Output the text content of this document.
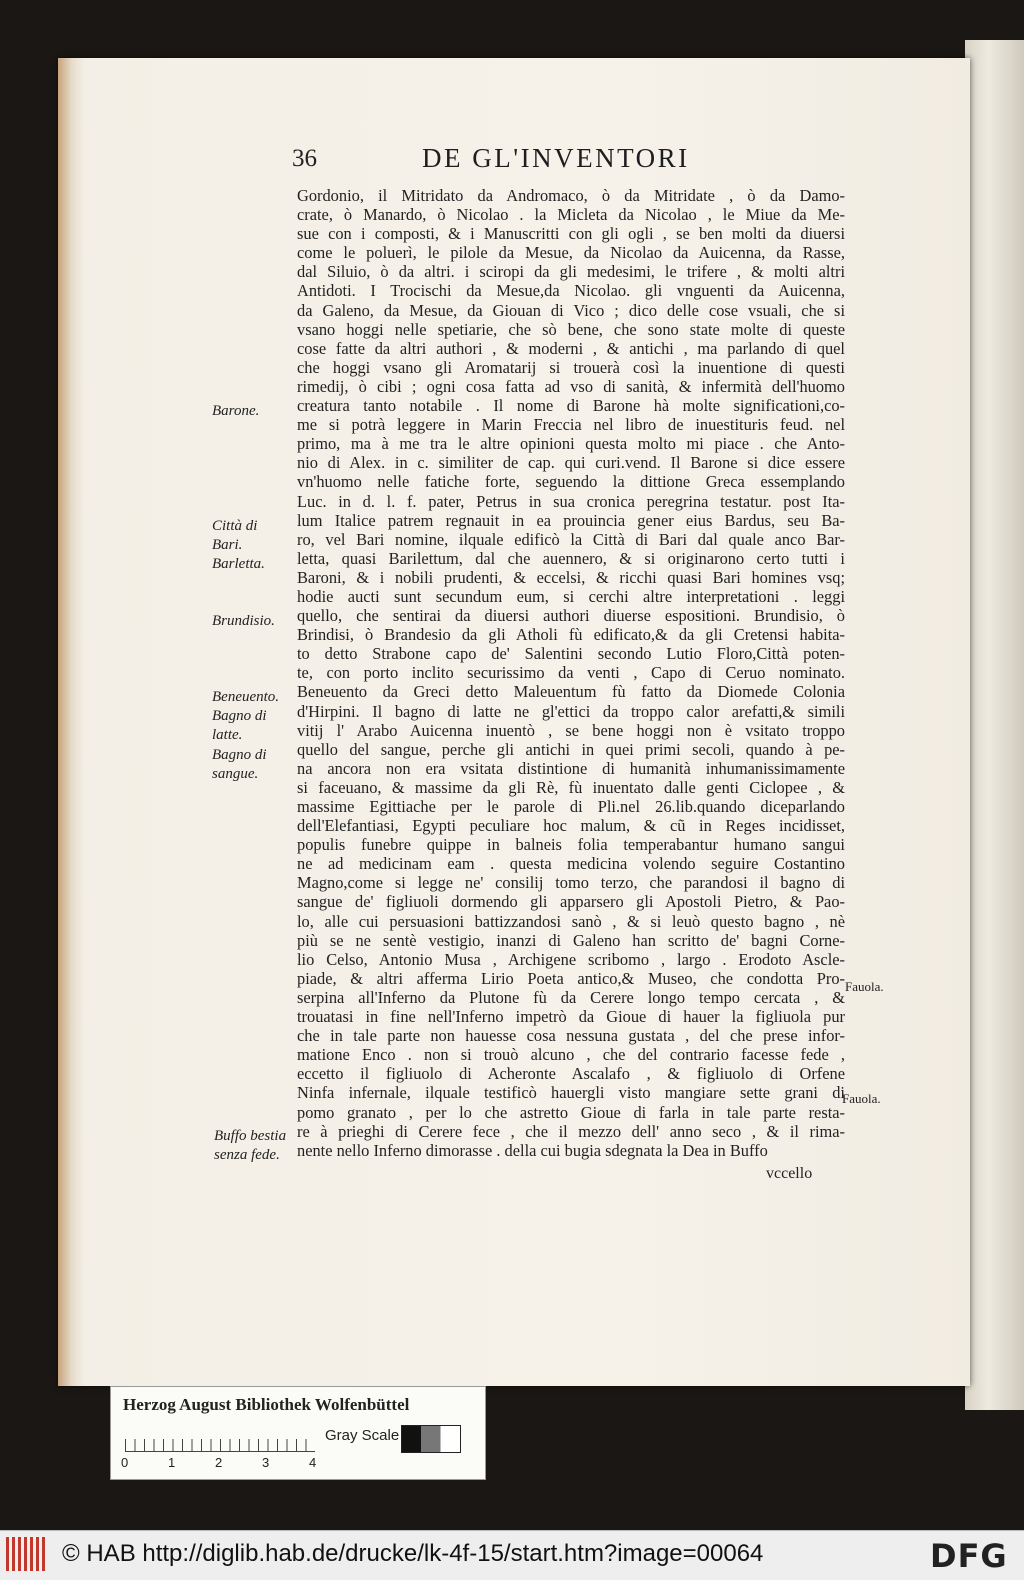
36	DE GL'INVENTORI
Gordonio, il Mitridato da Andromaco, ò da Mitridate , ò da Damo-
crate, ò Manardo, ò Nicolao . la Micleta da Nicolao , le Miue da Me-
sue con i composti, & i Manuscritti con gli ogli , se ben molti da diuersi
come le poluerì, le pilole da Mesue, da Nicolao da Auicenna, da Rasse,
dal Siluio, ò da altri. i sciropi da gli medesimi, le trifere , & molti altri
Antidoti. I Trocischi da Mesue,da Nicolao. gli vnguenti da Auicenna,
da Galeno, da Mesue, da Giouan di Vico ; dico delle cose vsuali, che si
vsano hoggi nelle spetiarie, che sò bene, che sono state molte di queste
cose fatte da altri authori , & moderni , & antichi , ma parlando di quel
che hoggi vsano gli Aromatarij si trouerà così la inuentione di questi
rimedij, ò cibi ; ogni cosa fatta ad vso di sanità, & infermità dell'huomo
creatura tanto notabile . Il nome di Barone hà molte significationi,co-
me si potrà leggere in Marin Freccia nel libro de inuestituris feud. nel
primo, ma à me tra le altre opinioni questa molto mi piace . che Anto-
nio di Alex. in c. similiter de cap. qui curi.vend. Il Barone si dice essere
vn'huomo nelle fatiche forte, seguendo la dittione Greca essemplando
Luc. in d. l. f. pater, Petrus in sua cronica peregrina testatur. post Ita-
lum Italice patrem regnauit in ea prouincia gener eius Bardus, seu Ba-
ro, vel Bari nomine, ilquale edificò la Città di Bari dal quale anco Bar-
letta, quasi Barilettum, dal che auennero, & si originarono certo tutti i
Baroni, & i nobili prudenti, & eccelsi, & ricchi quasi Bari homines vsq;
hodie aucti sunt secundum eum, si cerchi altre interpretationi . leggi
quello, che sentirai da diuersi authori diuerse espositioni. Brundisio, ò
Brindisi, ò Brandesio da gli Atholi fù edificato,& da gli Cretensi habita-
to detto Strabone capo de' Salentini secondo Lutio Floro,Città poten-
te, con porto inclito securissimo da venti , Capo di Ceruo nominato.
Beneuento da Greci detto Maleuentum fù fatto da Diomede Colonia
d'Hirpini. Il bagno di latte ne gl'ettici da troppo calor arefatti,& simili
vitij l' Arabo Auicenna inuentò , se bene hoggi non è vsitato troppo
quello del sangue, perche gli antichi in quei primi secoli, quando à pe-
na ancora non era vsitata distintione di humanità inhumanissimamente
si faceuano, & massime da gli Rè, fù inuentato dalle genti Ciclopee , &
massime Egittiache per le parole di Pli.nel 26.lib.quando diceparlando
dell'Elefantiasi, Egypti peculiare hoc malum, & cũ in Reges incidisset,
populis funebre quippe in balneis folia temperabantur humano sangui
ne ad medicinam eam . questa medicina volendo seguire Costantino
Magno,come si legge ne' consilij tomo terzo, che parandosi il bagno di
sangue de' figliuoli dormendo gli apparsero gli Apostoli Pietro, & Pao-
lo, alle cui persuasioni battizzandosi sanò , & si leuò questo bagno , nè
più se ne sentè vestigio, inanzi di Galeno han scritto de' bagni Corne-
lio Celso, Antonio Musa , Archigene scribomo , largo . Erodoto Ascle-
piade, & altri afferma Lirio Poeta antico,& Museo, che condotta Pro-
serpina all'Inferno da Plutone fù da Cerere longo tempo cercata , &
trouatasi in fine nell'Inferno impetrò da Gioue di hauer la figliuola pur
che in tale parte non hauesse cosa nessuna gustata , del che prese infor-
matione Enco . non si trouò alcuno , che del contrario facesse fede ,
eccetto il figliuolo di Acheronte Ascalafo , & figliuolo di Orfene
Ninfa infernale, ilquale testificò hauergli visto mangiare sette grani di
pomo granato , per lo che astretto Gioue di farla in tale parte resta-
re à prieghi di Cerere fece , che il mezzo dell' anno seco , & il rima-
nente nello Inferno dimorasse . della cui bugia sdegnata la Dea in Buffo
Barone.
Città di
Bari.
Barletta.
Brundisio.
Beneuento.
Bagno di
latte.
Bagno di
sangue.
Buffo bestia
senza fede.
Fauola.
Fauola.
vccello
Herzog August Bibliothek Wolfenbüttel
0	1	2	3	4
Gray Scale
© HAB http://diglib.hab.de/drucke/lk-4f-15/start.htm?image=00064	DFG
